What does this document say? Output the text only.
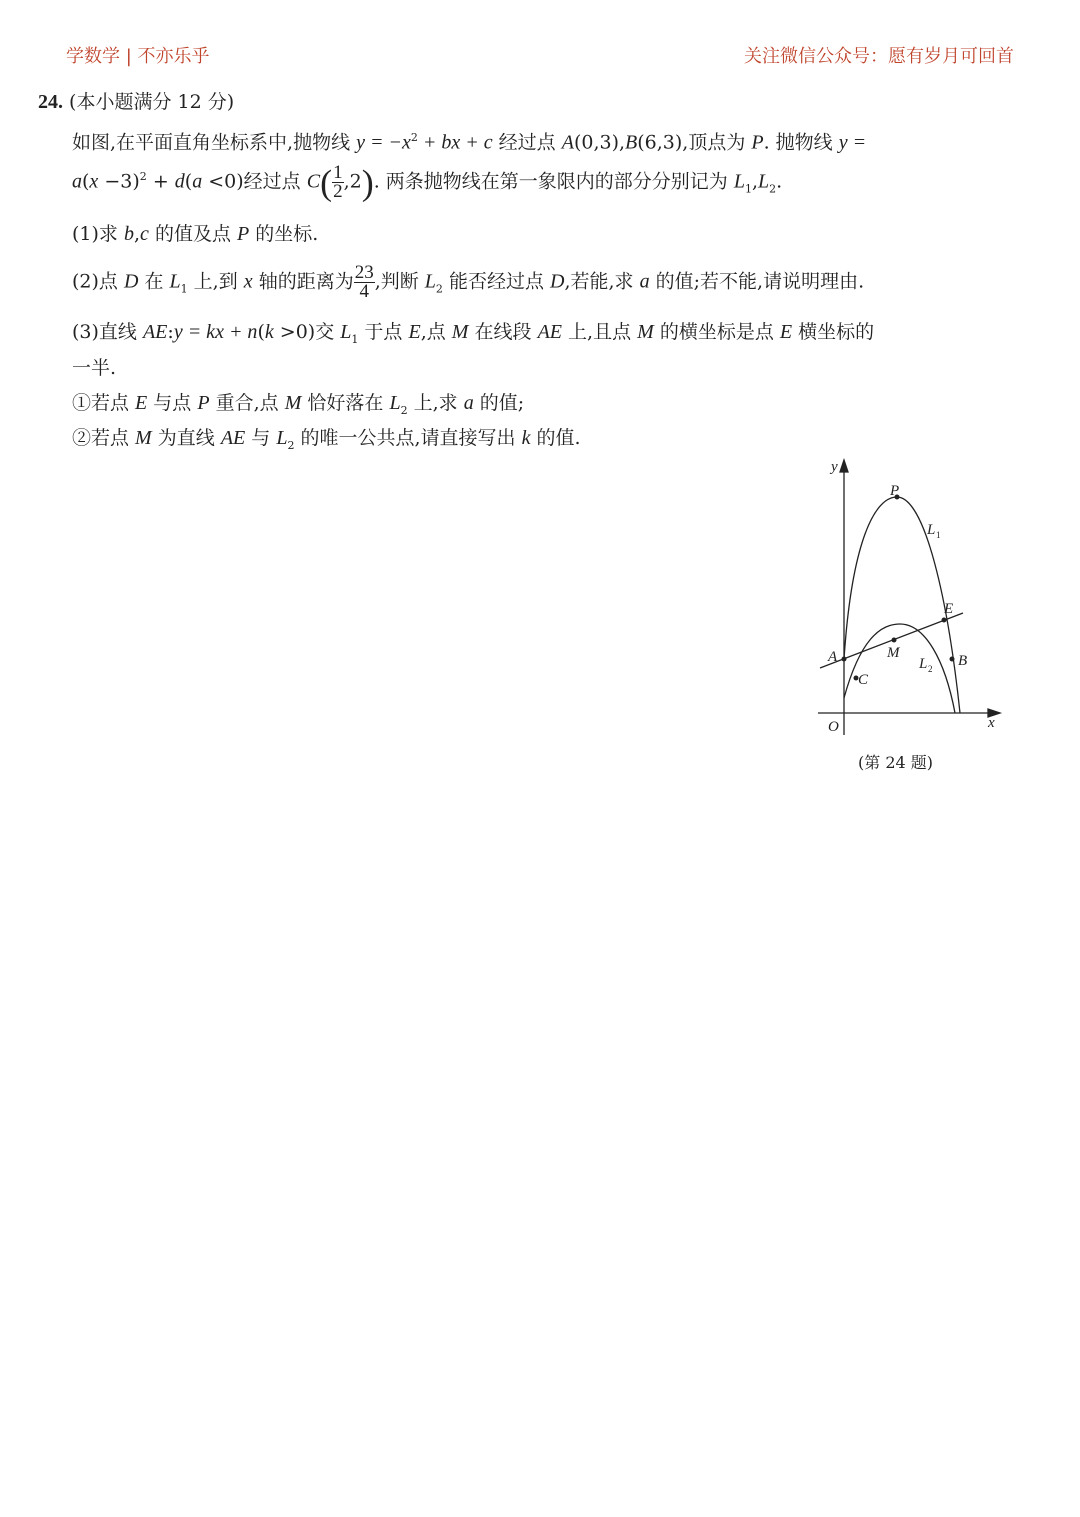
学数学 | 不亦乐乎	关注微信公众号：愿有岁月可回首
24. (本小题满分 12 分)
如图,在平面直角坐标系中,抛物线 $y = -x^2$ + bx + c 经过点 A(0,3),B(6,3),顶点为 P. 抛物线 y =
$a(x -3)^2 + d(a <0)$经过点 $C( \frac{1}{2} ,2)$. 两条抛物线在第一象限内的部分分别记为 $L_1,L_2$.
(1)求 b,c 的值及点 P 的坐标.
(2)点 D 在 $L_1$ 上,到 x 轴的距离为 $\frac{23}{4}$ ,判断 $L_2$ 能否经过点 D,若能,求 a 的值;若不能,请说明理由.
(3)直线 AE:y = kx + n(k >0)交 $L_1$ 于点 E,点 M 在线段 AE 上,且点 M 的横坐标是点 E 横坐标的
一半.
①若点 E 与点 P 重合,点 M 恰好落在 $L_2$ 上,求 a 的值;
②若点 M 为直线 AE 与 $L_2$ 的唯一公共点,请直接写出 k 的值.
y
x
O
P
L 1
E
A	M
L 2 B
C
(第 24 题)
